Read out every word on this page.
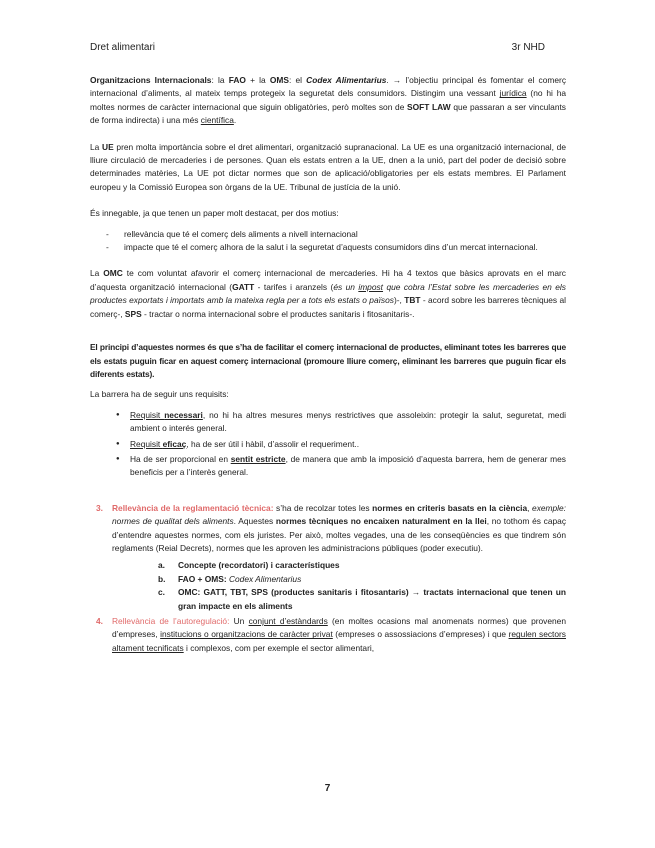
Dret alimentari	3r NHD

Organitzacions Internacionals: la FAO + la OMS: el Codex Alimentarius. → l’objectiu principal és fomentar el comerç internacional d’aliments, al mateix temps protegeix la seguretat dels consumidors. Distingim una vessant jurídica (no hi ha moltes normes de caràcter internacional que siguin obligatòries, però moltes son de SOFT LAW que passaran a ser vinculants de forma indirecta) i una més científica.

La UE pren molta importància sobre el dret alimentari, organització supranacional. La UE es una organització internacional, de lliure circulació de mercaderies i de persones. Quan els estats entren a la UE, dnen a la unió, part del poder de decisió sobre determinades matèries, La UE pot dictar normes que son de aplicació/obligatories per els estats membres. El Parlament europeu y la Comissió Europea son òrgans de la UE. Tribunal de justícia de la unió.

És innegable, ja que tenen un paper molt destacat, per dos motius:

- rellevància que té el comerç dels aliments a nivell internacional
- impacte que té el comerç alhora de la salut i la seguretat d’aquests consumidors dins d’un mercat internacional.

La OMC te com voluntat afavorir el comerç internacional de mercaderies. Hi ha 4 textos que bàsics aprovats en el marc d’aquesta organització internacional (GATT - tarifes i aranzels (és un impost que cobra l’Estat sobre les mercaderies en els productes exportats i importats amb la mateixa regla per a tots els estats o països)-, TBT - acord sobre les barreres tècniques al comerç-, SPS - tractar o norma internacional sobre el productes sanitaris i fitosanitaris-.

El principi d’aquestes normes és que s’ha de facilitar el comerç internacional de productes, eliminant totes les barreres que els estats puguin ficar en aquest comerç internacional (promoure lliure comerç, eliminant les barreres que puguin ficar els diferents estats).

La barrera ha de seguir uns requisits:

● Requisit necessari, no hi ha altres mesures menys restrictives que assoleixin: protegir la salut, seguretat, medi ambient o interés general.
● Requisit eficaç, ha de ser útil i hàbil, d’assolir el requeriment..
● Ha de ser proporcional en sentit estricte, de manera que amb la imposició d’aquesta barrera, hem de generar mes beneficis per a l’interès general.
3. Rellevància de la reglamentació tècnica: s’ha de recolzar totes les normes en criteris basats en la ciència, exemple: normes de qualitat dels aliments. Aquestes normes tècniques no encaixen naturalment en la llei, no tothom és capaç d’entendre aquestes normes, com els juristes. Per això, moltes vegades, una de les conseqüències es que tindrem són reglaments (Reial Decrets), normes que les aproven les administracions públiques (poder executiu).

a. Concepte (recordatori) i característiques
b. FAO + OMS: Codex Alimentarius
c. OMC: GATT, TBT, SPS (productes sanitaris i fitosantaris) → tractats internacional que tenen un gran impacte en els aliments
4. Rellevància de l’autoregulació: Un conjunt d’estàndards (en moltes ocasions mal anomenats normes) que provenen d’empreses, institucions o organitzacions de caràcter privat (empreses o assossiacions d’empreses) i que regulen sectors altament tecnificats i complexos, com per exemple el sector alimentari,

7
